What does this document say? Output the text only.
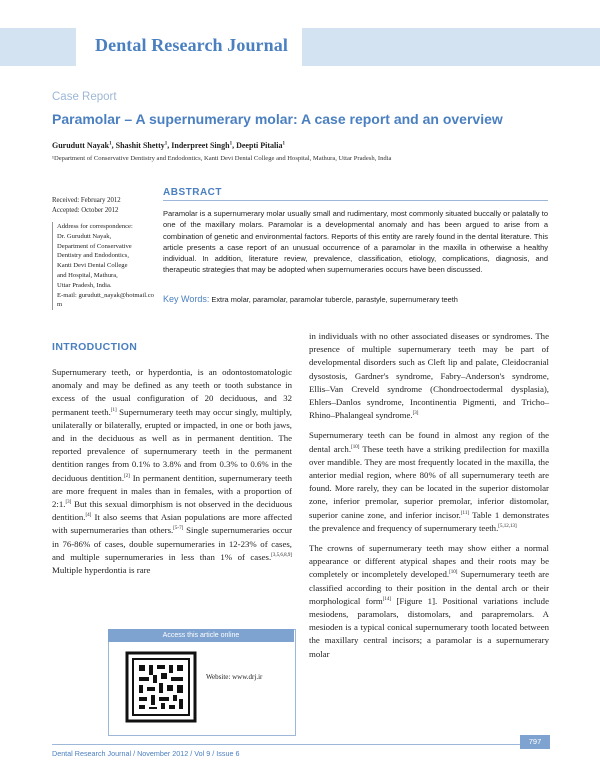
Dental Research Journal
Case Report
Paramolar – A supernumerary molar: A case report and an overview
Gurudutt Nayak$^1$, Shashit Shetty$^1$, Inderpreet Singh$^1$, Deepti Pitalia$^1$
¹Department of Conservative Dentistry and Endodontics, Kanti Devi Dental College and Hospital, Mathura, Uttar Pradesh, India
Received: February 2012
Accepted: October 2012
Address for correspondence:
Dr. Gurudutt Nayak,
Department of Conservative
Dentistry and Endodontics,
Kanti Devi Dental College
and Hospital, Mathura,
Uttar Pradesh, India.
E-mail: gurudutt_nayak@hotmail.com
ABSTRACT
Paramolar is a supernumerary molar usually small and rudimentary, most commonly situated buccally or palatally to one of the maxillary molars. Paramolar is a developmental anomaly and has been argued to arise from a combination of genetic and environmental factors. Reports of this entity are rarely found in the dental literature. This article presents a case report of an unusual occurrence of a paramolar in the maxilla in otherwise a healthy individual. In addition, literature review, prevalence, classification, etiology, complications, diagnosis, and therapeutic strategies that may be adopted when supernumeraries occurs have been discussed.
Key Words: Extra molar, paramolar, paramolar tubercle, parastyle, supernumerary teeth
INTRODUCTION

Supernumerary teeth, or hyperdontia, is an odontostomatologic anomaly and may be defined as any teeth or tooth substance in excess of the usual configuration of 20 deciduous, and 32 permanent teeth.[1] Supernumerary teeth may occur singly, multiply, unilaterally or bilaterally, erupted or impacted, in one or both jaws, and in the deciduous as well as in permanent dentition. The reported prevalence of supernumerary teeth in the permanent dentition ranges from 0.1% to 3.8% and from 0.3% to 0.6% in the deciduous dentition.[2] In permanent dentition, supernumerary teeth are more frequent in males than in females, with a proportion of 2:1.[3] But this sexual dimorphism is not observed in the deciduous dentition.[4] It also seems that Asian populations are more affected with supernumeraries than others.[5-7] Single supernumeraries occur in 76-86% of cases, double supernumeraries in 12-23% of cases, and multiple supernumeraries in less than 1% of cases.[3,5,6,8,9] Multiple hyperdontia is rare

in individuals with no other associated diseases or syndromes. The presence of multiple supernumerary teeth may be part of developmental disorders such as Cleft lip and palate, Cleidocranial dysostosis, Gardner's syndrome, Fabry–Anderson's syndrome, Ellis–Van Creveld syndrome (Chondroectodermal dysplasia), Ehlers–Danlos syndrome, Incontinentia Pigmenti, and Tricho–Rhino–Phalangeal syndrome.[3]

Supernumerary teeth can be found in almost any region of the dental arch.[10] These teeth have a striking predilection for maxilla over mandible. They are most frequently located in the maxilla, the anterior medial region, where 80% of all supernumerary teeth are found. More rarely, they can be located in the superior distomolar zone, inferior premolar, superior premolar, inferior distomolar, superior canine zone, and inferior incisor.[11] Table 1 demonstrates the prevalence and frequency of supernumerary teeth.[5,12,13]

The crowns of supernumerary teeth may show either a normal appearance or different atypical shapes and their roots may be completely or incompletely developed.[10] Supernumerary teeth are classified according to their position in the dental arch or their morphological form[14] [Figure 1]. Positional variations include mesiodens, paramolars, distomolars, and parapremolars. A mesioden is a typical conical supernumerary tooth located between the maxillary central incisors; a paramolar is a supernumerary molar

Access this article online
Website: www.drj.ir
Dental Research Journal / November 2012 / Vol 9 / Issue 6
797
